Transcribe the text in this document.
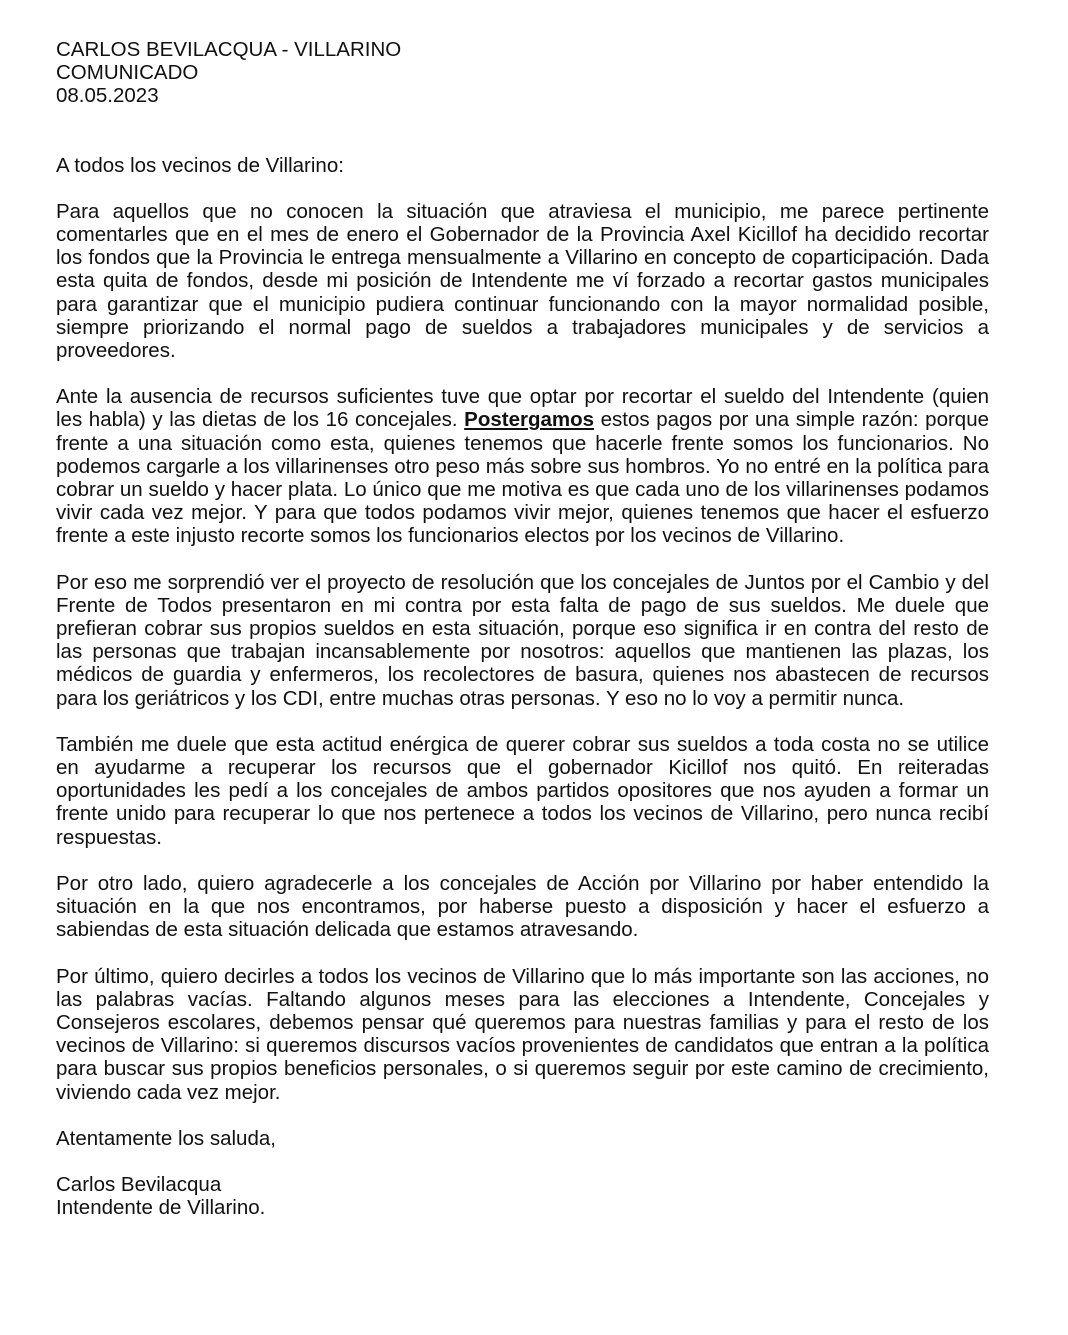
CARLOS BEVILACQUA - VILLARINO

COMUNICADO

08.05.2023

A todos los vecinos de Villarino:

Para aquellos que no conocen la situación que atraviesa el municipio, me parece pertinente comentarles que en el mes de enero el Gobernador de la Provincia Axel Kicillof ha decidido recortar los fondos que la Provincia le entrega mensualmente a Villarino en concepto de coparticipación. Dada esta quita de fondos, desde mi posición de Intendente me ví forzado a recortar gastos municipales para garantizar que el municipio pudiera continuar funcionando con la mayor normalidad posible, siempre priorizando el normal pago de sueldos a trabajadores municipales y de servicios a proveedores.

Ante la ausencia de recursos suficientes tuve que optar por recortar el sueldo del Intendente (quien les habla) y las dietas de los 16 concejales. Postergamos estos pagos por una simple razón: porque frente a una situación como esta, quienes tenemos que hacerle frente somos los funcionarios. No podemos cargarle a los villarinenses otro peso más sobre sus hombros. Yo no entré en la política para cobrar un sueldo y hacer plata. Lo único que me motiva es que cada uno de los villarinenses podamos vivir cada vez mejor. Y para que todos podamos vivir mejor, quienes tenemos que hacer el esfuerzo frente a este injusto recorte somos los funcionarios electos por los vecinos de Villarino.

Por eso me sorprendió ver el proyecto de resolución que los concejales de Juntos por el Cambio y del Frente de Todos presentaron en mi contra por esta falta de pago de sus sueldos. Me duele que prefieran cobrar sus propios sueldos en esta situación, porque eso significa ir en contra del resto de las personas que trabajan incansablemente por nosotros: aquellos que mantienen las plazas, los médicos de guardia y enfermeros, los recolectores de basura, quienes nos abastecen de recursos para los geriátricos y los CDI, entre muchas otras personas. Y eso no lo voy a permitir nunca.

También me duele que esta actitud enérgica de querer cobrar sus sueldos a toda costa no se utilice en ayudarme a recuperar los recursos que el gobernador Kicillof nos quitó. En reiteradas oportunidades les pedí a los concejales de ambos partidos opositores que nos ayuden a formar un frente unido para recuperar lo que nos pertenece a todos los vecinos de Villarino, pero nunca recibí respuestas.

Por otro lado, quiero agradecerle a los concejales de Acción por Villarino por haber entendido la situación en la que nos encontramos, por haberse puesto a disposición y hacer el esfuerzo a sabiendas de esta situación delicada que estamos atravesando.

Por último, quiero decirles a todos los vecinos de Villarino que lo más importante son las acciones, no las palabras vacías. Faltando algunos meses para las elecciones a Intendente, Concejales y Consejeros escolares, debemos pensar qué queremos para nuestras familias y para el resto de los vecinos de Villarino: si queremos discursos vacíos provenientes de candidatos que entran a la política para buscar sus propios beneficios personales, o si queremos seguir por este camino de crecimiento, viviendo cada vez mejor.

Atentamente los saluda,

Carlos Bevilacqua
Intendente de Villarino.
